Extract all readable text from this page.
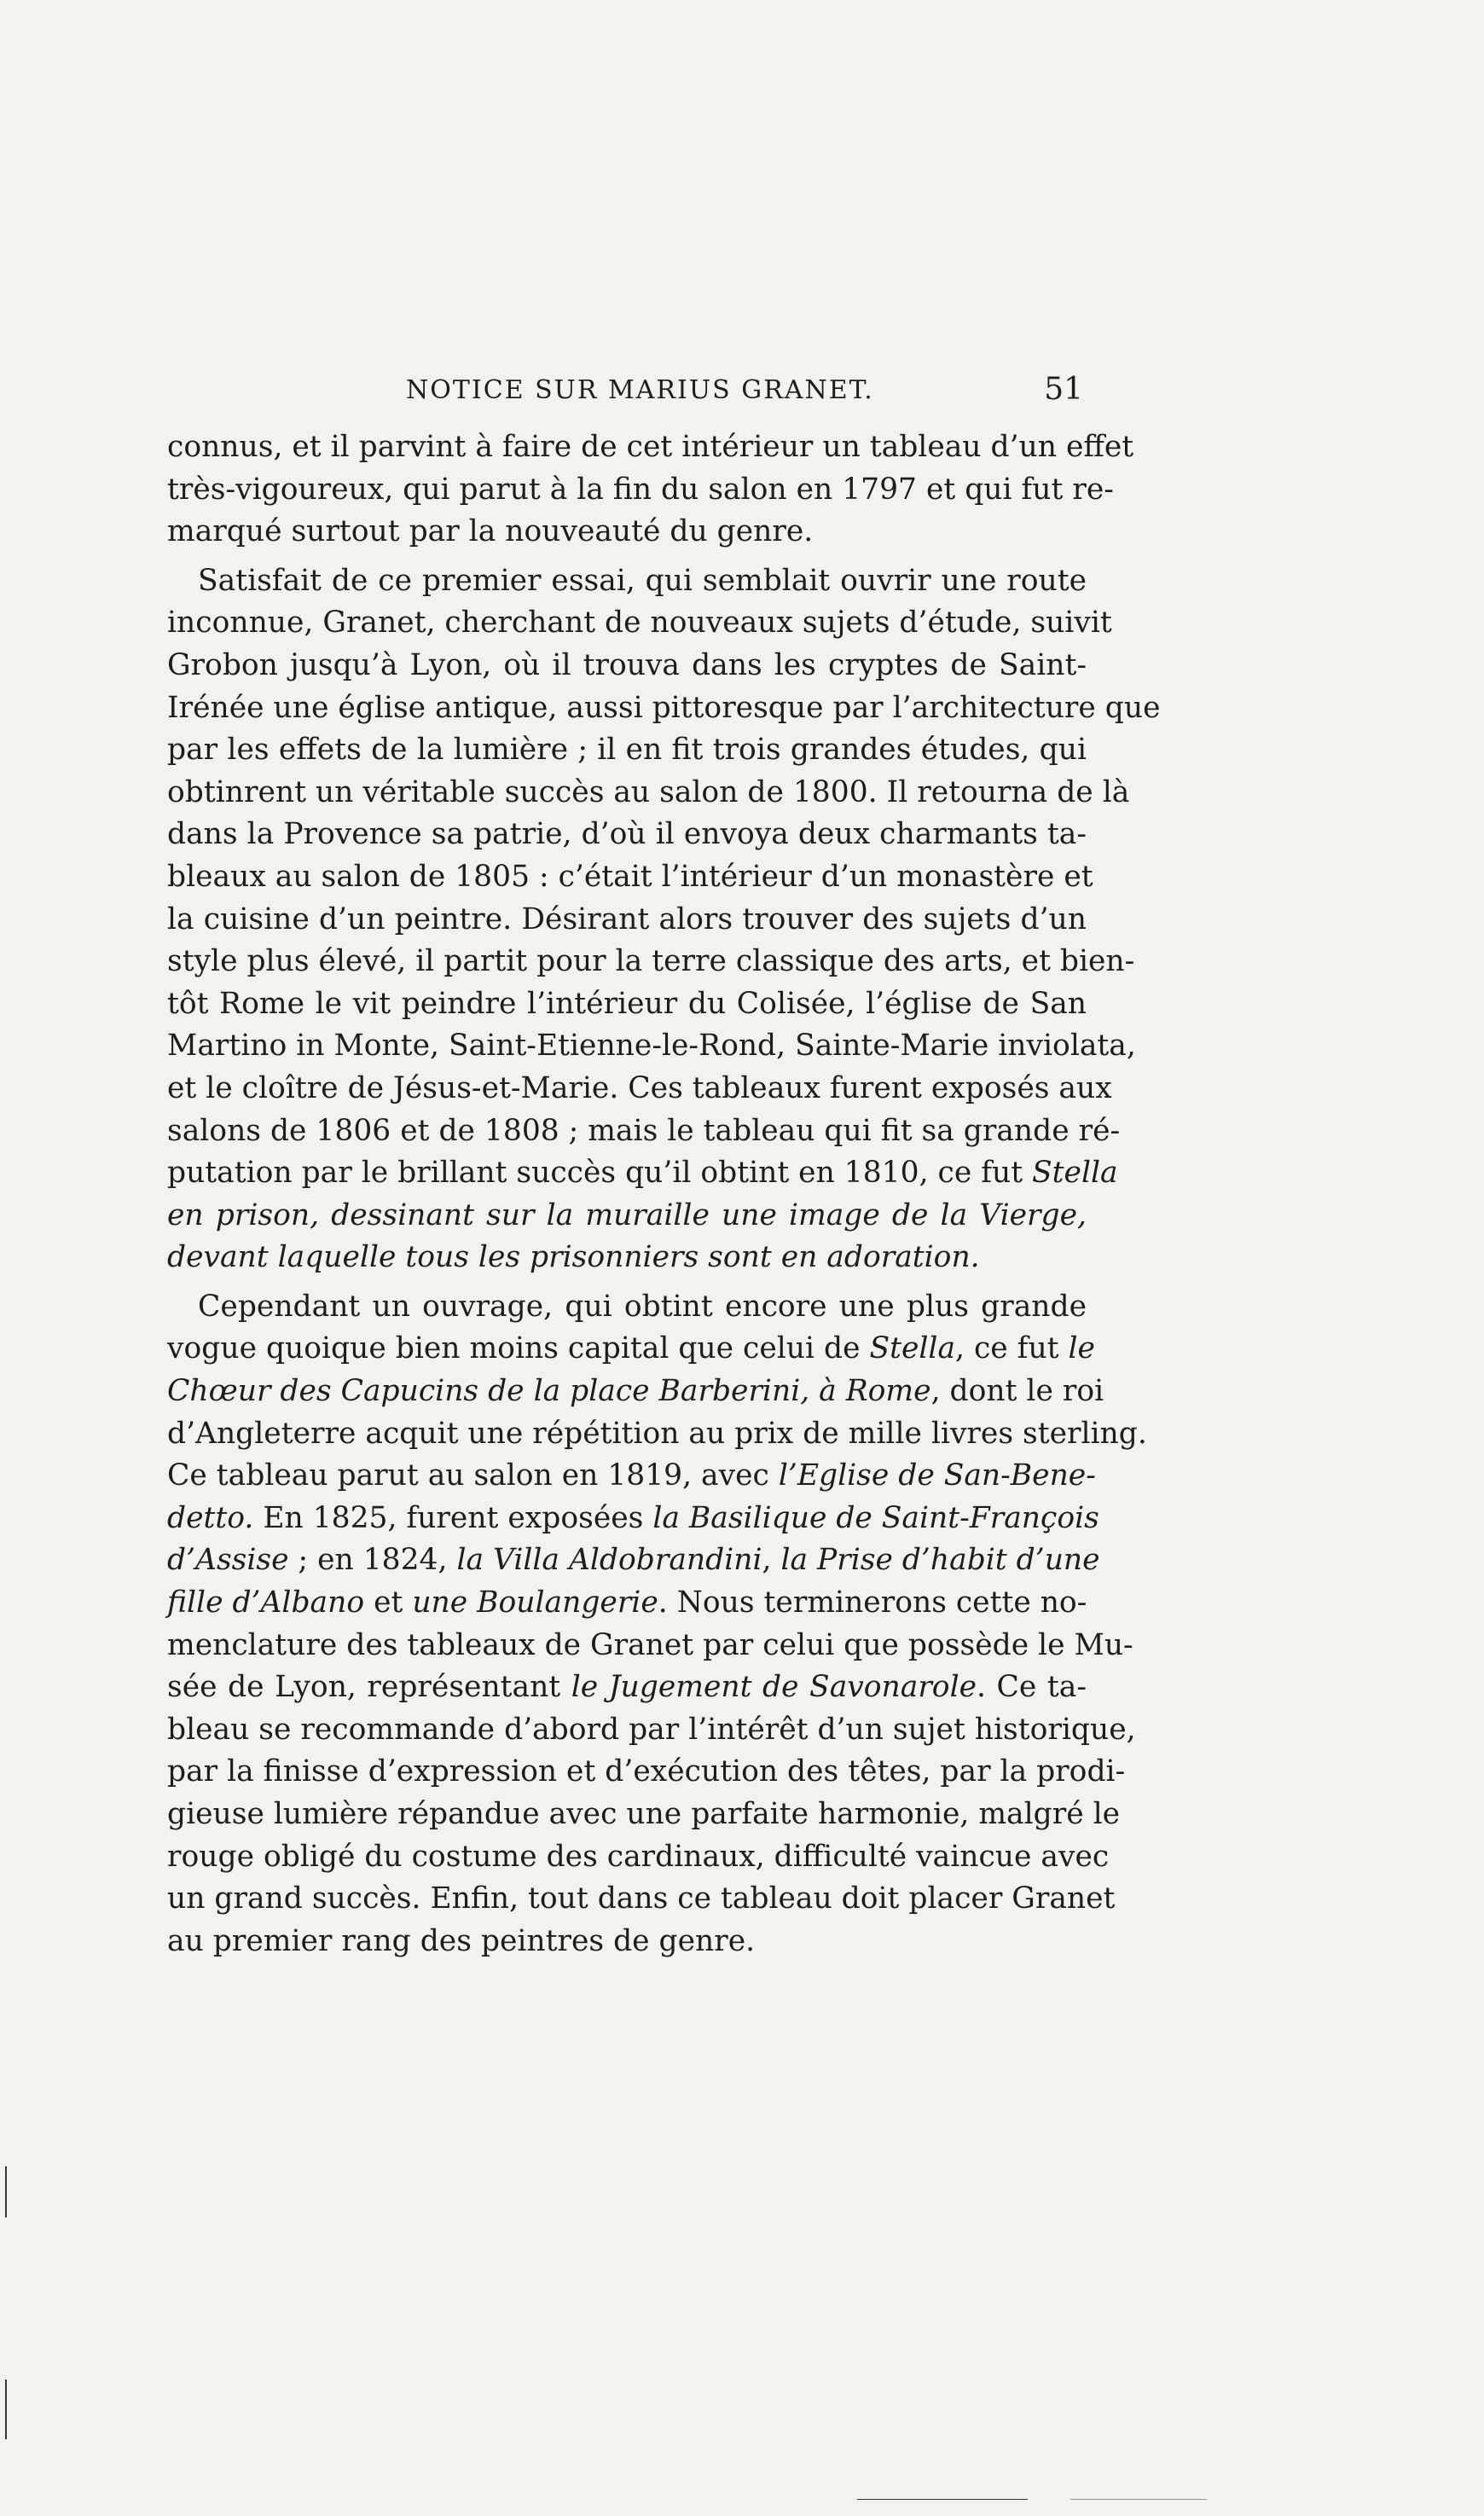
NOTICE SUR MARIUS GRANET.	51

connus, et il parvint à faire de cet intérieur un tableau d’un effet
très-vigoureux, qui parut à la fin du salon en 1797 et qui fut re-
marqué surtout par la nouveauté du genre.

Satisfait de ce premier essai, qui semblait ouvrir une route
inconnue, Granet, cherchant de nouveaux sujets d’étude, suivit
Grobon jusqu’à Lyon, où il trouva dans les cryptes de Saint-
Irénée une église antique, aussi pittoresque par l’architecture que
par les effets de la lumière ; il en fit trois grandes études, qui
obtinrent un véritable succès au salon de 1800. Il retourna de là
dans la Provence sa patrie, d’où il envoya deux charmants ta-
bleaux au salon de 1805 : c’était l’intérieur d’un monastère et
la cuisine d’un peintre. Désirant alors trouver des sujets d’un
style plus élevé, il partit pour la terre classique des arts, et bien-
tôt Rome le vit peindre l’intérieur du Colisée, l’église de San
Martino in Monte, Saint-Etienne-le-Rond, Sainte-Marie inviolata,
et le cloître de Jésus-et-Marie. Ces tableaux furent exposés aux
salons de 1806 et de 1808 ; mais le tableau qui fit sa grande ré-
putation par le brillant succès qu’il obtint en 1810, ce fut Stella
en prison, dessinant sur la muraille une image de la Vierge,
devant laquelle tous les prisonniers sont en adoration.

Cependant un ouvrage, qui obtint encore une plus grande
vogue quoique bien moins capital que celui de Stella, ce fut le
Chœur des Capucins de la place Barberini, à Rome, dont le roi
d’Angleterre acquit une répétition au prix de mille livres sterling.
Ce tableau parut au salon en 1819, avec l’Eglise de San-Bene-
detto. En 1825, furent exposées la Basilique de Saint-François
d’Assise ; en 1824, la Villa Aldobrandini, la Prise d’habit d’une
fille d’Albano et une Boulangerie. Nous terminerons cette no-
menclature des tableaux de Granet par celui que possède le Mu-
sée de Lyon, représentant le Jugement de Savonarole. Ce ta-
bleau se recommande d’abord par l’intérêt d’un sujet historique,
par la finisse d’expression et d’exécution des têtes, par la prodi-
gieuse lumière répandue avec une parfaite harmonie, malgré le
rouge obligé du costume des cardinaux, difficulté vaincue avec
un grand succès. Enfin, tout dans ce tableau doit placer Granet
au premier rang des peintres de genre.
